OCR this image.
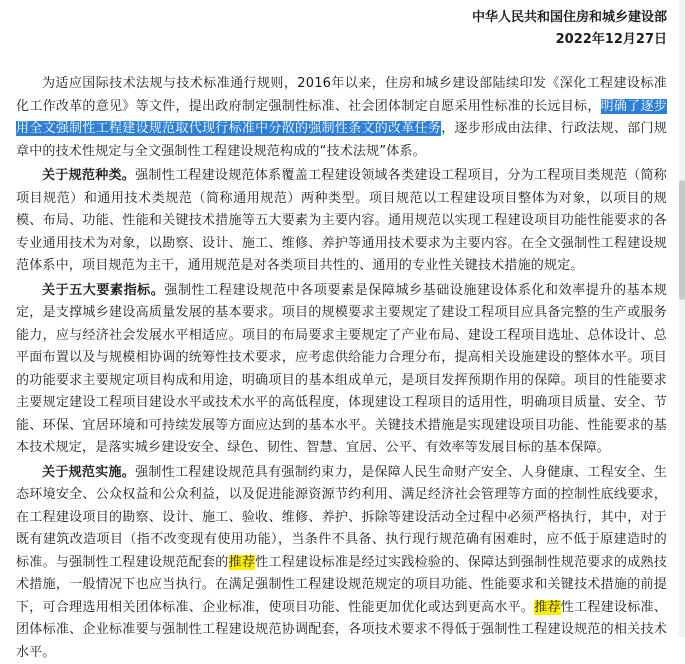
中华人民共和国住房和城乡建设部
2022年12月27日

为适应国际技术法规与技术标准通行规则，2016年以来，住房和城乡建设部陆续印发《深化工程建设标准化工作改革的意见》等文件，提出政府制定强制性标准、社会团体制定自愿采用性标准的长远目标，明确了逐步用全文强制性工程建设规范取代现行标准中分散的强制性条文的改革任务，逐步形成由法律、行政法规、部门规章中的技术性规定与全文强制性工程建设规范构成的“技术法规”体系。

关于规范种类。强制性工程建设规范体系覆盖工程建设领域各类建设工程项目，分为工程项目类规范（简称项目规范）和通用技术类规范（简称通用规范）两种类型。项目规范以工程建设项目整体为对象，以项目的规模、布局、功能、性能和关键技术措施等五大要素为主要内容。通用规范以实现工程建设项目功能性能要求的各专业通用技术为对象，以勘察、设计、施工、维修、养护等通用技术要求为主要内容。在全文强制性工程建设规范体系中，项目规范为主干，通用规范是对各类项目共性的、通用的专业性关键技术措施的规定。

关于五大要素指标。强制性工程建设规范中各项要素是保障城乡基础设施建设体系化和效率提升的基本规定，是支撑城乡建设高质量发展的基本要求。项目的规模要求主要规定了建设工程项目应具备完整的生产或服务能力，应与经济社会发展水平相适应。项目的布局要求主要规定了产业布局、建设工程项目选址、总体设计、总平面布置以及与规模相协调的统筹性技术要求，应考虑供给能力合理分布，提高相关设施建设的整体水平。项目的功能要求主要规定项目构成和用途，明确项目的基本组成单元，是项目发挥预期作用的保障。项目的性能要求主要规定建设工程项目建设水平或技术水平的高低程度，体现建设工程项目的适用性，明确项目质量、安全、节能、环保、宜居环境和可持续发展等方面应达到的基本水平。关键技术措施是实现建设项目功能、性能要求的基本技术规定，是落实城乡建设安全、绿色、韧性、智慧、宜居、公平、有效率等发展目标的基本保障。

关于规范实施。强制性工程建设规范具有强制约束力，是保障人民生命财产安全、人身健康、工程安全、生态环境安全、公众权益和公众利益，以及促进能源资源节约利用、满足经济社会管理等方面的控制性底线要求，在工程建设项目的勘察、设计、施工、验收、维修、养护、拆除等建设活动全过程中必须严格执行，其中，对于既有建筑改造项目（指不改变现有使用功能），当条件不具备、执行现行规范确有困难时，应不低于原建造时的标准。与强制性工程建设规范配套的推荐性工程建设标准是经过实践检验的、保障达到强制性规范要求的成熟技术措施，一般情况下也应当执行。在满足强制性工程建设规范规定的项目功能、性能要求和关键技术措施的前提下，可合理选用相关团体标准、企业标准，使项目功能、性能更加优化或达到更高水平。推荐性工程建设标准、团体标准、企业标准要与强制性工程建设规范协调配套，各项技术要求不得低于强制性工程建设规范的相关技术水平。
